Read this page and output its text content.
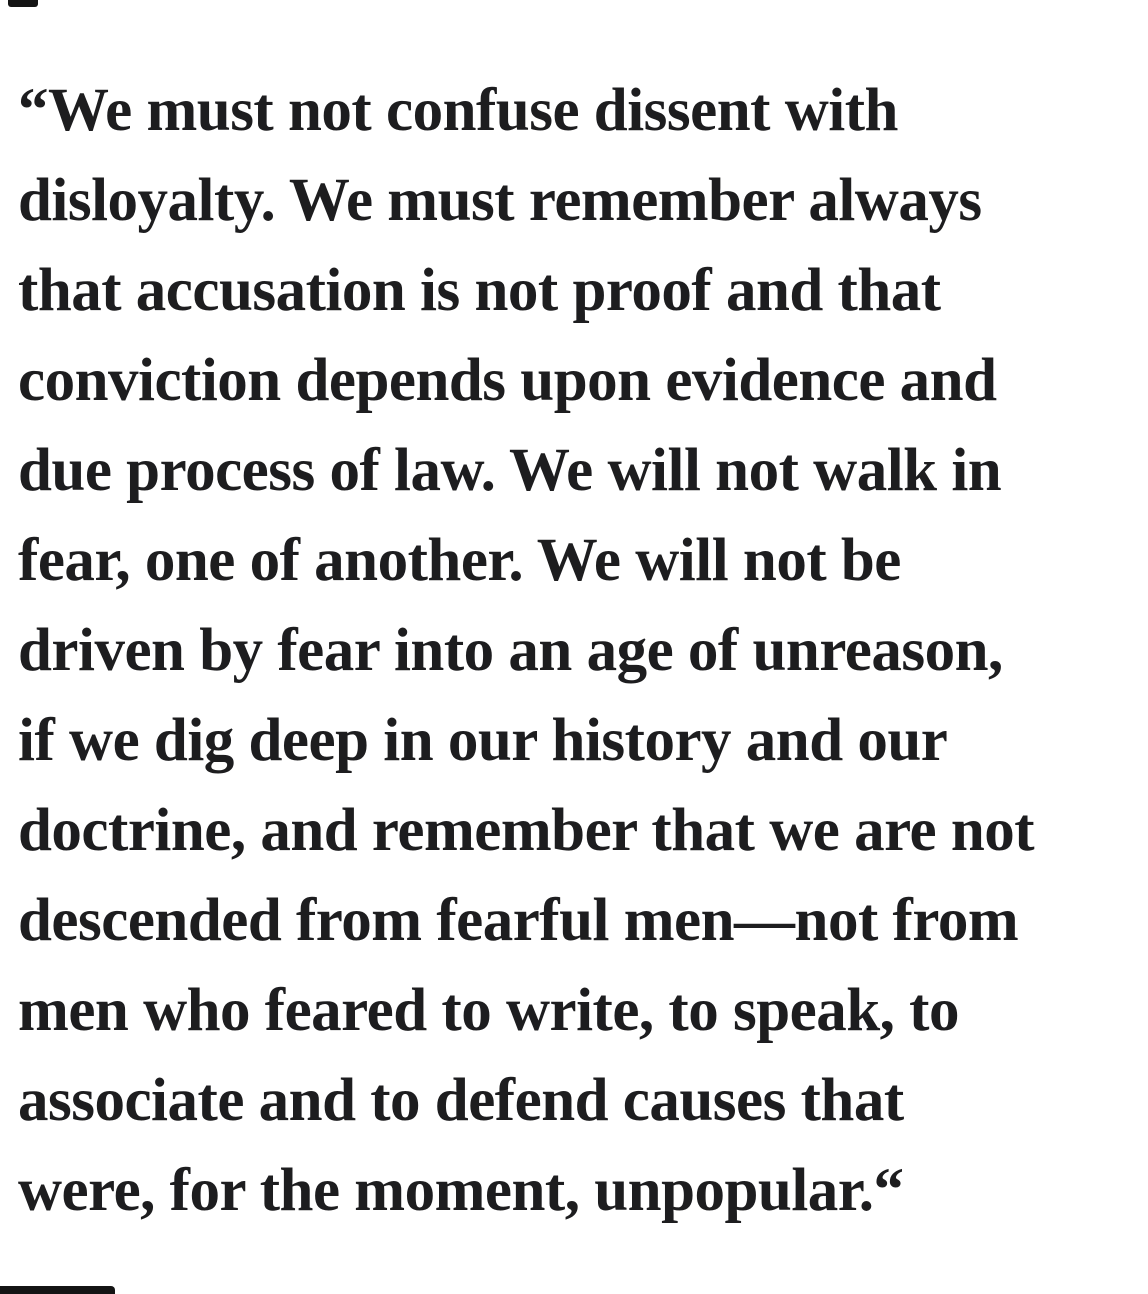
“We must not confuse dissent with

disloyalty. We must remember always

that accusation is not proof and that

conviction depends upon evidence and

due process of law. We will not walk in

fear, one of another. We will not be

driven by fear into an age of unreason,

if we dig deep in our history and our

doctrine, and remember that we are not

descended from fearful men—not from

men who feared to write, to speak, to

associate and to defend causes that

were, for the moment, unpopular.“
